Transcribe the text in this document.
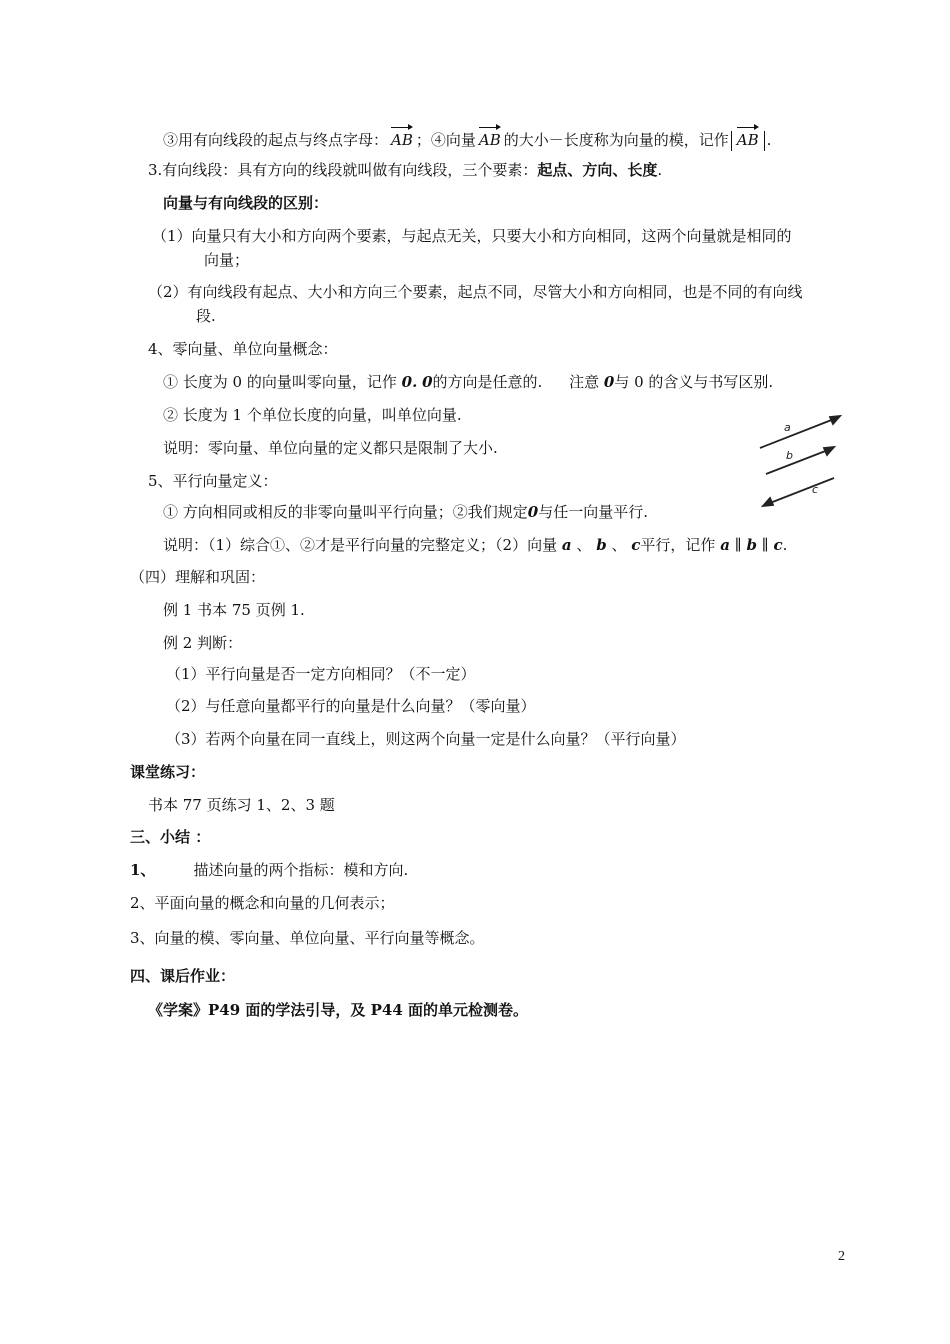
③用有向线段的起点与终点字母： AB ；④向量 AB 的大小－长度称为向量的模，记作 AB .
3.有向线段：具有方向的线段就叫做有向线段，三个要素：起点、方向、长度.
向量与有向线段的区别：
（1）向量只有大小和方向两个要素，与起点无关，只要大小和方向相同，这两个向量就是相同的
向量；
（2）有向线段有起点、大小和方向三个要素，起点不同，尽管大小和方向相同，也是不同的有向线
段.
4、零向量、单位向量概念：
① 长度为 0 的向量叫零向量，记作 0. 0的方向是任意的. 注意 0与 0 的含义与书写区别.
② 长度为 1 个单位长度的向量，叫单位向量.
说明：零向量、单位向量的定义都只是限制了大小.
5、平行向量定义：
① 方向相同或相反的非零向量叫平行向量；②我们规定0与任一向量平行.
说明：（1）综合①、②才是平行向量的完整定义；（2）向量 a 、 b 、 c平行，记作 a ∥ b ∥ c.
（四）理解和巩固：
例 1 书本 75 页例 1.
例 2 判断：
（1）平行向量是否一定方向相同？（不一定）
（2）与任意向量都平行的向量是什么向量？（零向量）
（3）若两个向量在同一直线上，则这两个向量一定是什么向量？（平行向量）
课堂练习：
书本 77 页练习 1、2、3 题
三、小结 ：
1、	描述向量的两个指标：模和方向.
2、平面向量的概念和向量的几何表示；
3、向量的模、零向量、单位向量、平行向量等概念。
四、课后作业：
《学案》P49 面的学法引导，及 P44 面的单元检测卷。
a
b
c
2
